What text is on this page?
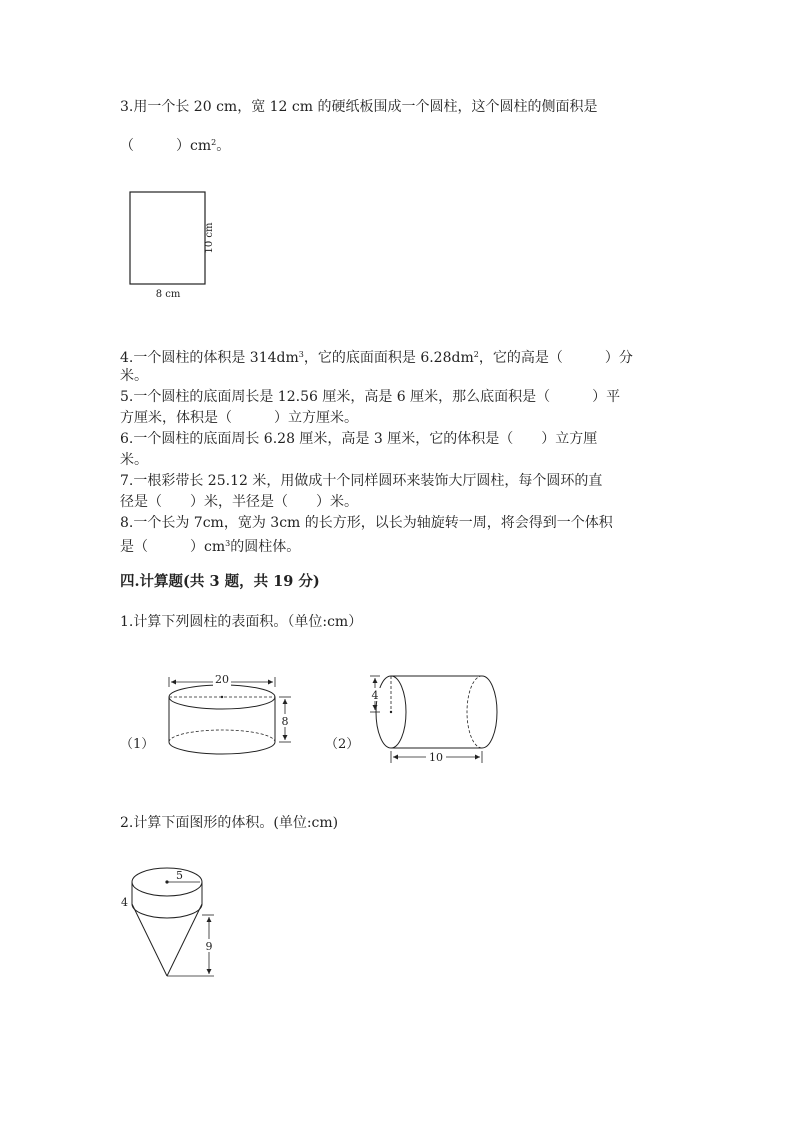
3.用一个长 20 cm，宽 12 cm 的硬纸板围成一个圆柱，这个圆柱的侧面积是
（　　　）$cm^2$。
10 cm
8 cm
4.一个圆柱的体积是 $314dm^3$，它的底面面积是 $6.28dm^2$，它的高是（　　　）分
米。
5.一个圆柱的底面周长是 12.56 厘米，高是 6 厘米，那么底面积是（　　　）平
方厘米，体积是（　　　）立方厘米。
6.一个圆柱的底面周长 6.28 厘米，高是 3 厘米，它的体积是（　　）立方厘
米。
7.一根彩带长 25.12 米，用做成十个同样圆环来装饰大厅圆柱，每个圆环的直
径是（　　）米，半径是（　　）米。
8.一个长为 7cm，宽为 3cm 的长方形，以长为轴旋转一周，将会得到一个体积
是（　　　）$cm^3$的圆柱体。
四.计算题(共 3 题，共 19 分)
1.计算下列圆柱的表面积。（单位:cm）
（1）
20
8
（2）
4
10
2.计算下面图形的体积。(单位:cm)
4
5
9
